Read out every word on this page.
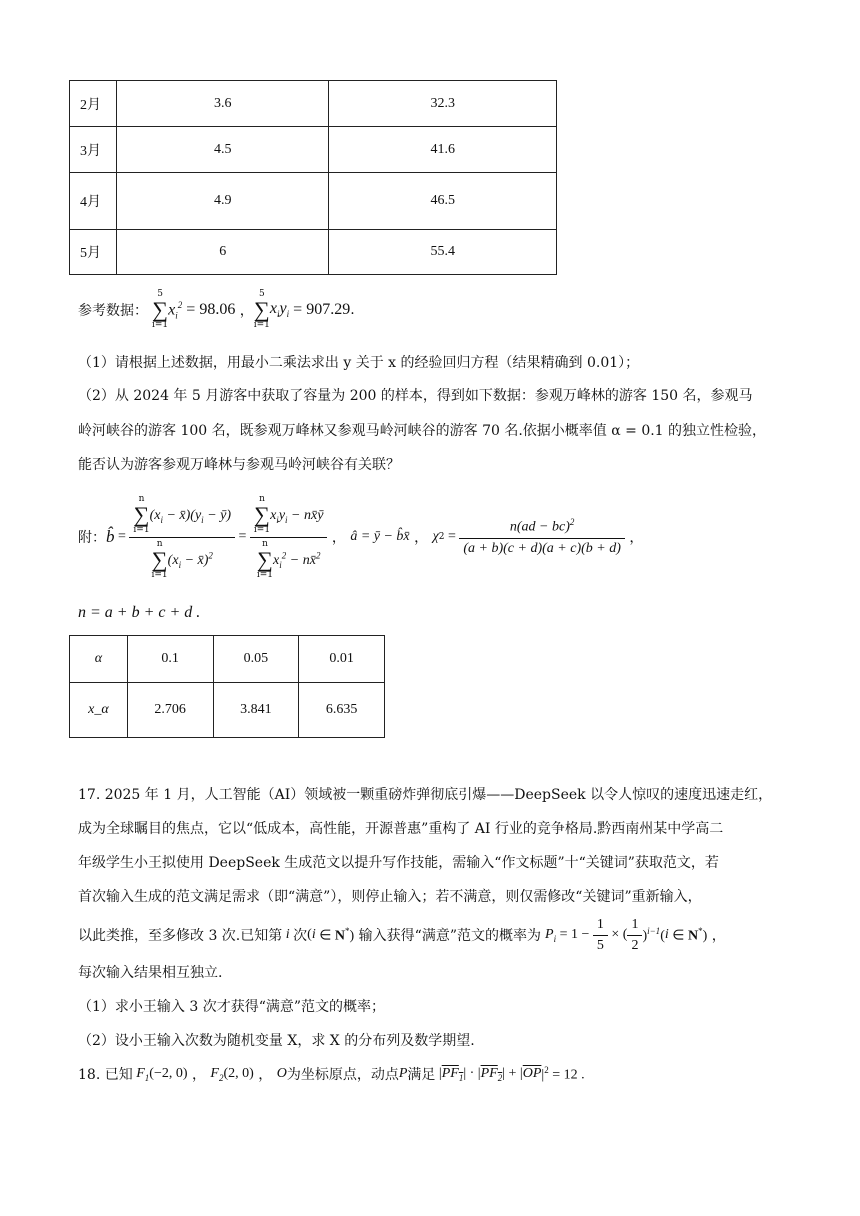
2月	3.6	32.3
3月	4.5	41.6
4月	4.9	46.5
5月	6	55.4
参考数据：
5
∑
i=1
$x_i^2 = 98.06$ ，
5
∑
i=1
$x_iy_i = 907.29$ .
（1）请根据上述数据，用最小二乘法求出 y 关于 x 的经验回归方程（结果精确到 0.01）；
（2）从 2024 年 5 月游客中获取了容量为 200 的样本，得到如下数据：参观万峰林的游客 150 名，参观马
岭河峡谷的游客 100 名，既参观万峰林又参观马岭河峡谷的游客 70 名.依据小概率值 α = 0.1 的独立性检验，
能否认为游客参观万峰林与参观马岭河峡谷有关联？
附： b̂ =
n
∑
$i=1(x_i$ − $x̄)(y_i$ − ȳ)
n
∑
$i=1(x_i$ − x̄)$^2$
=
n
∑
$i=1x_iy_i$ − nx̄ȳ
n
∑
$i=1x_i^2$ − nx̄$^2$
， â = ȳ − b̂x̄ ， χ $2 = \frac{n(ad - bc)^2}{(a + b)(c + d)(a + c)(b + d)}$ ，
n = a + b + c + d .
α	0.1	0.05	0.01
x_α	2.706	3.841	6.635
17. 2025 年 1 月，人工智能（AI）领域被一颗重磅炸弹彻底引爆——DeepSeek 以令人惊叹的速度迅速走红，
成为全球瞩目的焦点，它以“低成本，高性能，开源普惠”重构了 AI 行业的竞争格局.黔西南州某中学高二
年级学生小王拟使用 DeepSeek 生成范文以提升写作技能，需输入“作文标题”十“关键词”获取范文，若
首次输入生成的范文满足需求（即“满意”），则停止输入；若不满意，则仅需修改“关键词”重新输入，
以此类推，至多修改 3 次.已知第 i 次 ( i ∈ N*)
输入获得“满意”范文的概率为 $P_i = 1 - \frac{1}{5}$ × ( $\frac{1}{2} )^{i-1}$( i ∈ N*) ，
每次输入结果相互独立.
（1）求小王输入 3 次才获得“满意”范文的概率；
（2）设小王输入次数为随机变量 X，求 X 的分布列及数学期望.
18. 已知 $F_1$ (−2, 0) ， $F_2$ (2, 0) ， O 为坐标原点，动点 P 满足 | $PF_1$ | · | $PF_2$ | + | $\overline{OP}$ $|^2 = 12$ .
